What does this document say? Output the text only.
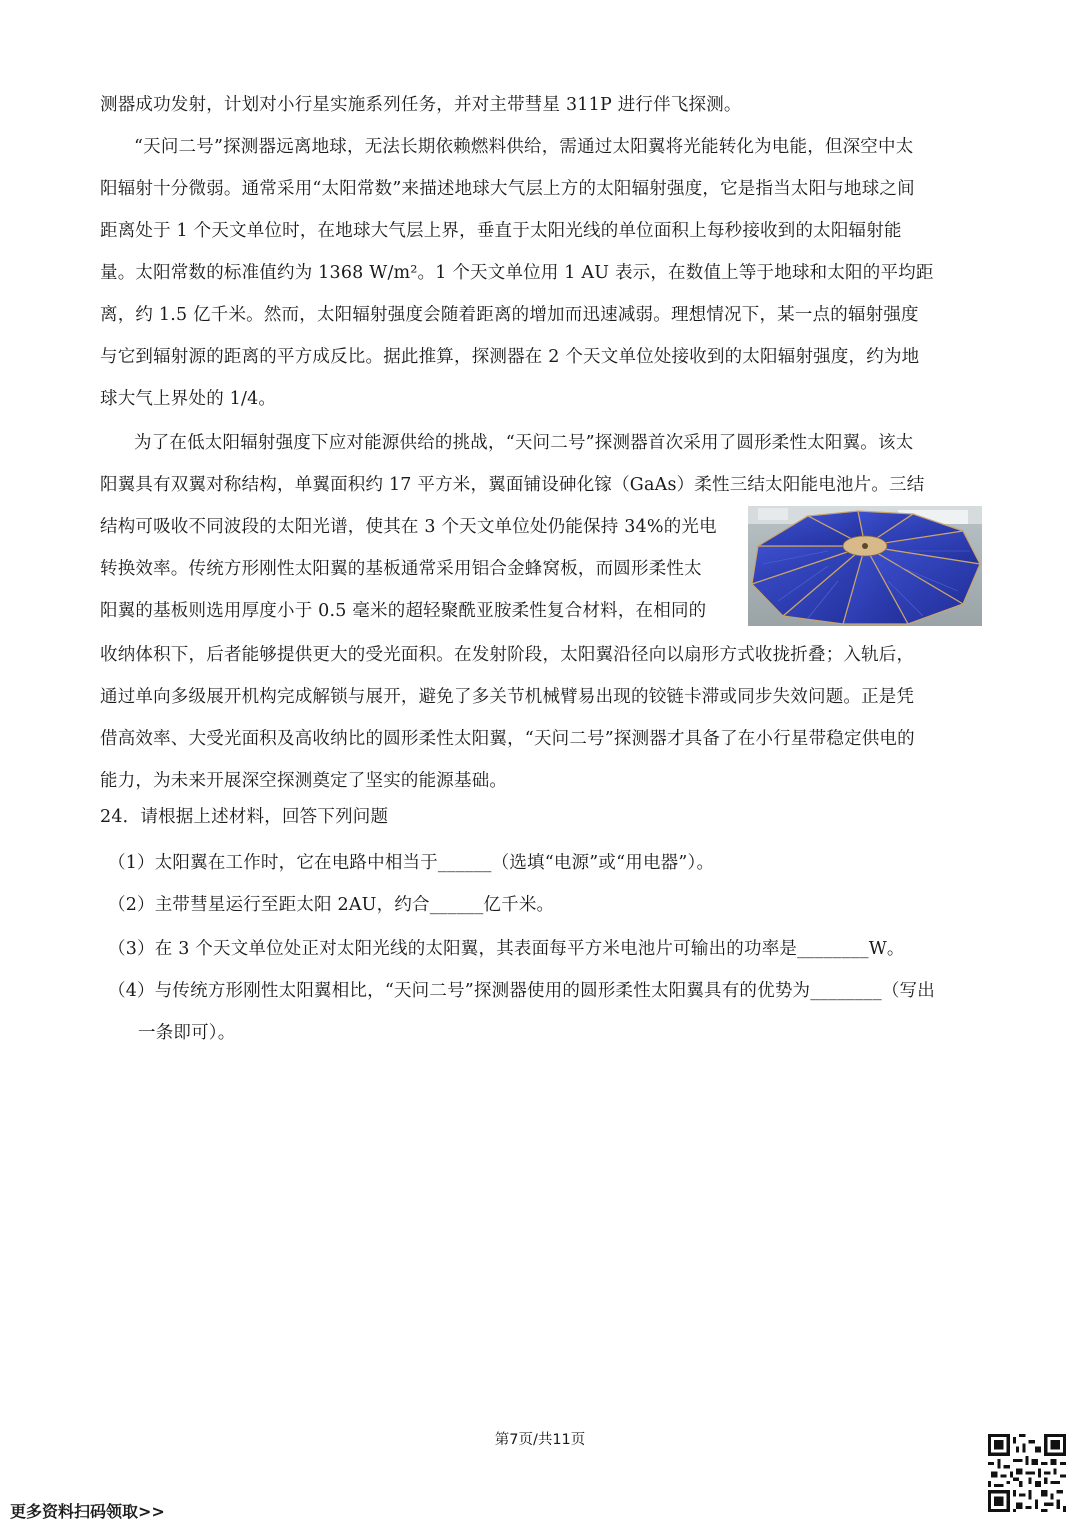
测器成功发射，计划对小行星实施系列任务，并对主带彗星 311P 进行伴飞探测。
“天问二号”探测器远离地球，无法长期依赖燃料供给，需通过太阳翼将光能转化为电能，但深空中太
阳辐射十分微弱。通常采用“太阳常数”来描述地球大气层上方的太阳辐射强度，它是指当太阳与地球之间
距离处于 1 个天文单位时，在地球大气层上界，垂直于太阳光线的单位面积上每秒接收到的太阳辐射能
量。太阳常数的标准值约为 1368 W/m²。1 个天文单位用 1 AU 表示，在数值上等于地球和太阳的平均距
离，约 1.5 亿千米。然而，太阳辐射强度会随着距离的增加而迅速减弱。理想情况下，某一点的辐射强度
与它到辐射源的距离的平方成反比。据此推算，探测器在 2 个天文单位处接收到的太阳辐射强度，约为地
球大气上界处的 1/4。
为了在低太阳辐射强度下应对能源供给的挑战，“天问二号”探测器首次采用了圆形柔性太阳翼。该太
阳翼具有双翼对称结构，单翼面积约 17 平方米，翼面铺设砷化镓（GaAs）柔性三结太阳能电池片。三结
结构可吸收不同波段的太阳光谱，使其在 3 个天文单位处仍能保持 34%的光电
转换效率。传统方形刚性太阳翼的基板通常采用铝合金蜂窝板，而圆形柔性太
阳翼的基板则选用厚度小于 0.5 毫米的超轻聚酰亚胺柔性复合材料，在相同的
收纳体积下，后者能够提供更大的受光面积。在发射阶段，太阳翼沿径向以扇形方式收拢折叠；入轨后，
通过单向多级展开机构完成解锁与展开，避免了多关节机械臂易出现的铰链卡滞或同步失效问题。正是凭
借高效率、大受光面积及高收纳比的圆形柔性太阳翼，“天问二号”探测器才具备了在小行星带稳定供电的
能力，为未来开展深空探测奠定了坚实的能源基础。
24．请根据上述材料，回答下列问题
（1）太阳翼在工作时，它在电路中相当于______（选填“电源”或“用电器”）。
（2）主带彗星运行至距太阳 2AU，约合______亿千米。
（3）在 3 个天文单位处正对太阳光线的太阳翼，其表面每平方米电池片可输出的功率是________W。
（4）与传统方形刚性太阳翼相比，“天问二号”探测器使用的圆形柔性太阳翼具有的优势为________（写出
一条即可）。
第7页/共11页
更多资料扫码领取>>
